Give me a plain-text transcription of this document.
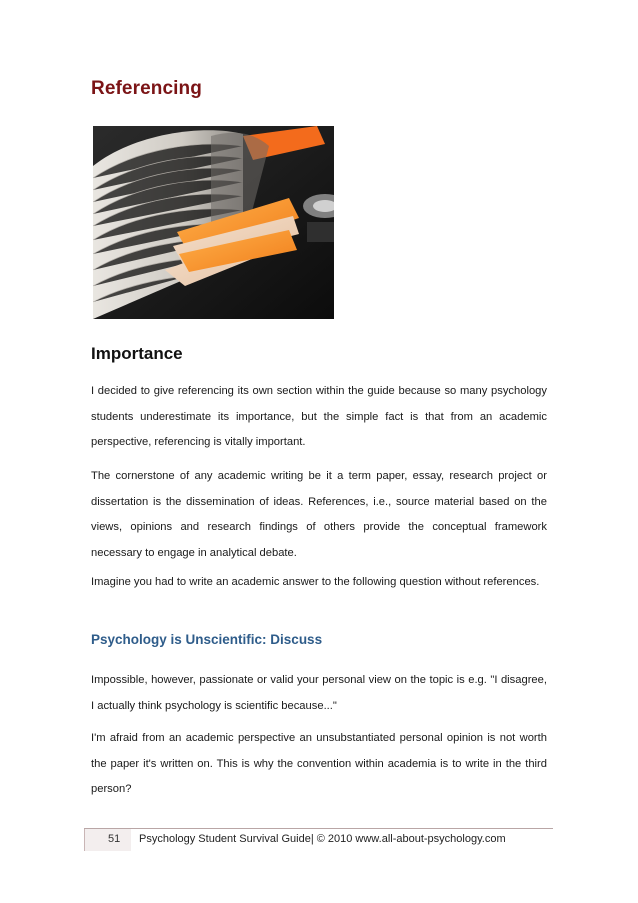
Referencing
Importance

I decided to give referencing its own section within the guide because so many psychology students underestimate its importance, but the simple fact is that from an academic perspective, referencing is vitally important.

The cornerstone of any academic writing be it a term paper, essay, research project or dissertation is the dissemination of ideas. References, i.e., source material based on the views, opinions and research findings of others provide the conceptual framework necessary to engage in analytical debate.

Imagine you had to write an academic answer to the following question without references.

Psychology is Unscientific: Discuss

Impossible, however, passionate or valid your personal view on the topic is e.g. "I disagree, I actually think psychology is scientific because..."

I'm afraid from an academic perspective an unsubstantiated personal opinion is not worth the paper it's written on. This is why the convention within academia is to write in the third person?

51 Psychology Student Survival Guide| © 2010 www.all-about-psychology.com
